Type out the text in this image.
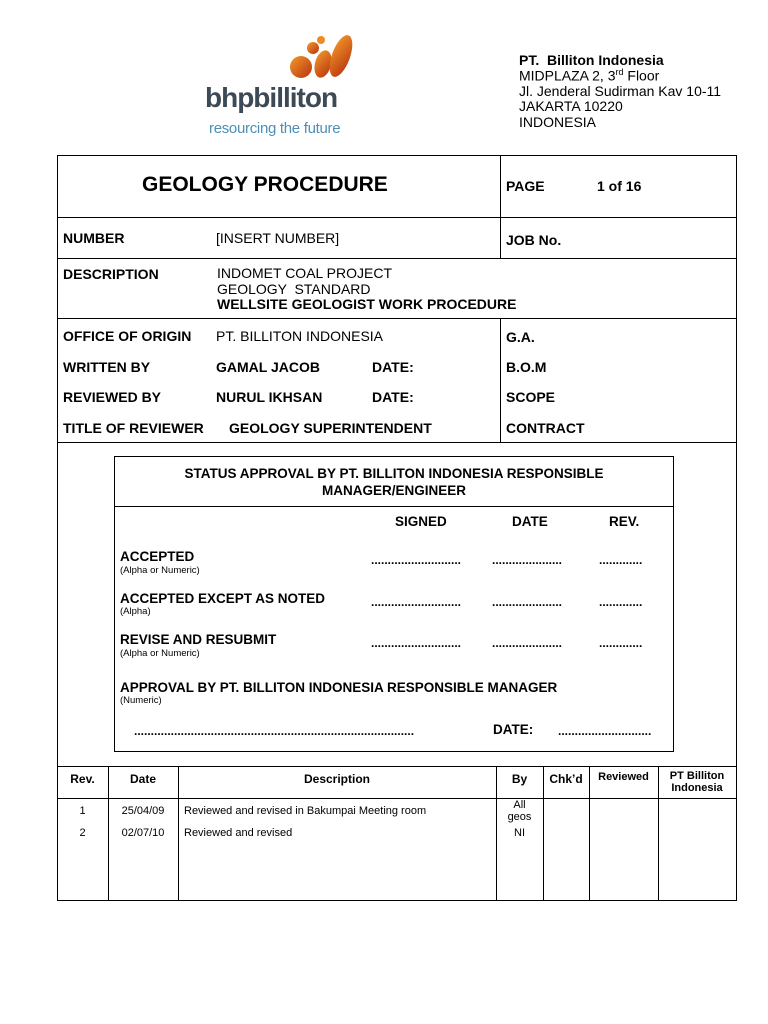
bhpbilliton
resourcing the future
PT.  Billiton Indonesia
MIDPLAZA 2, 3rd Floor
Jl. Jenderal Sudirman Kav 10-11
JAKARTA 10220
INDONESIA
GEOLOGY PROCEDURE	PAGE	1 of 16
NUMBER	[INSERT NUMBER]	JOB No.
DESCRIPTION	INDOMET COAL PROJECT
GEOLOGY  STANDARD
WELLSITE GEOLOGIST WORK PROCEDURE
OFFICE OF ORIGIN PT. BILLITON INDONESIA	G.A.
WRITTEN BY	GAMAL JACOB	DATE:	B.O.M
REVIEWED BY	NURUL IKHSAN	DATE:	SCOPE
TITLE OF REVIEWER GEOLOGY SUPERINTENDENT	CONTRACT
STATUS APPROVAL BY PT. BILLITON INDONESIA RESPONSIBLE
MANAGER/ENGINEER
SIGNED	DATE	REV.
ACCEPTED
(Alpha or Numeric)
...........................	.....................	.............
ACCEPTED EXCEPT AS NOTED
(Alpha)
...........................	.....................	.............
REVISE AND RESUBMIT
(Alpha or Numeric)
...........................	.....................	.............
APPROVAL BY PT. BILLITON INDONESIA RESPONSIBLE MANAGER
(Numeric)
....................................................................................	DATE: ............................
Rev.	Date	Description	By	Chk’d	Reviewed	PT Billiton
Indonesia
1	25/04/09	Reviewed and revised in Bakumpai Meeting room	All
geos
2	02/07/10	Reviewed and revised	NI
